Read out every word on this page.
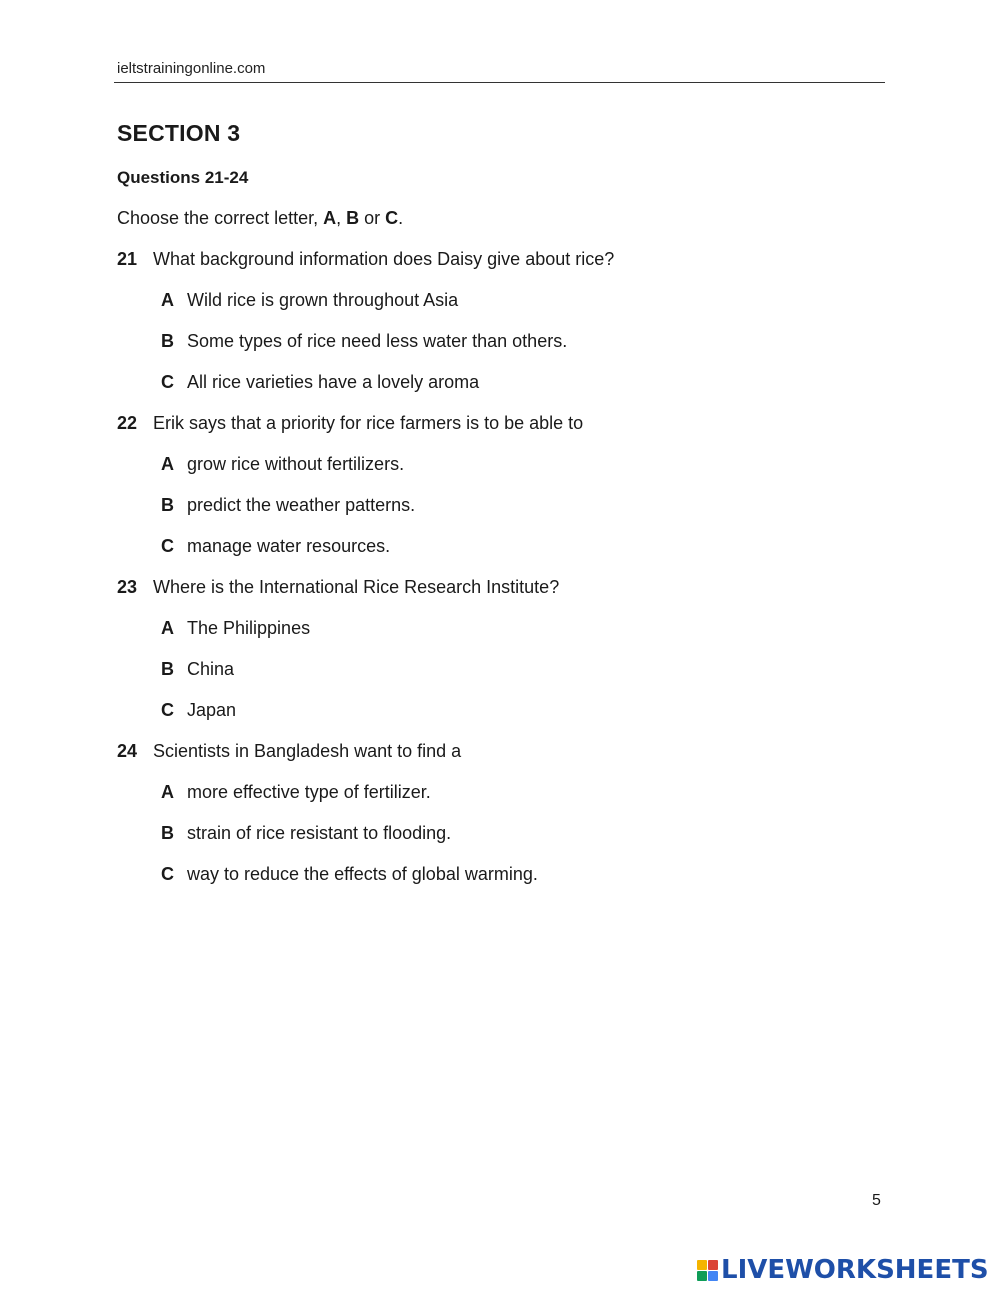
ieltstrainingonline.com
SECTION 3
Questions 21-24
Choose the correct letter, A, B or C.
21 What background information does Daisy give about rice?
A Wild rice is grown throughout Asia
B Some types of rice need less water than others.
C All rice varieties have a lovely aroma
22 Erik says that a priority for rice farmers is to be able to
A grow rice without fertilizers.
B predict the weather patterns.
C manage water resources.
23 Where is the International Rice Research Institute?
A The Philippines
B China
C Japan
24 Scientists in Bangladesh want to find a
A more effective type of fertilizer.
B strain of rice resistant to flooding.
C way to reduce the effects of global warming.
5
LIVEWORKSHEETS
